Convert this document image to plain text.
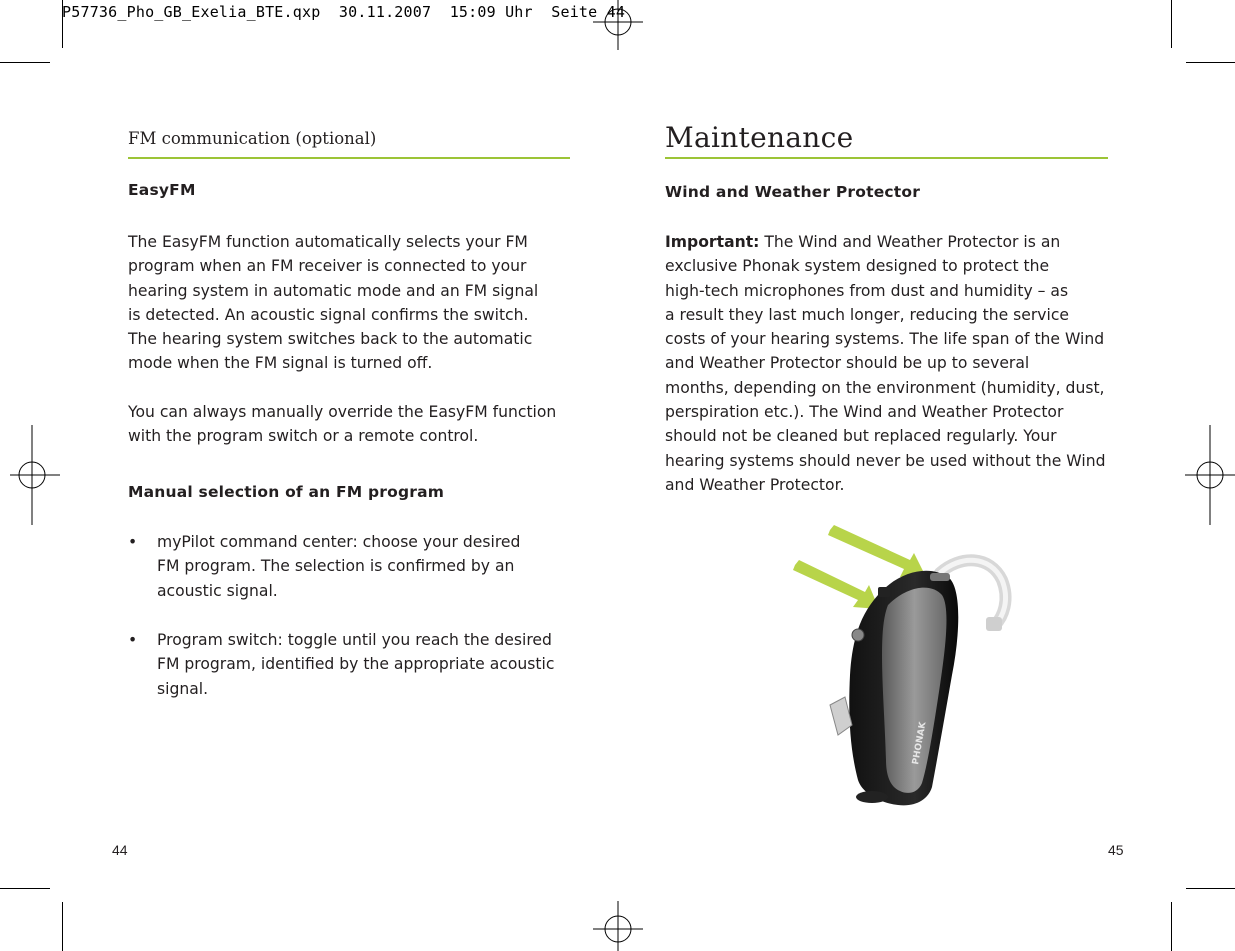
P57736_Pho_GB_Exelia_BTE.qxp  30.11.2007  15:09 Uhr  Seite 44
FM communication (optional)
EasyFM
The EasyFM function automatically selects your FM
program when an FM receiver is connected to your
hearing system in automatic mode and an FM signal
is detected. An acoustic signal confirms the switch.
The hearing system switches back to the automatic
mode when the FM signal is turned off.
You can always manually override the EasyFM function
with the program switch or a remote control.
Manual selection of an FM program
•	myPilot command center: choose your desired
FM program. The selection is confirmed by an
acoustic signal.
•	Program switch: toggle until you reach the desired
FM program, identified by the appropriate acoustic
signal.
44
Maintenance
Wind and Weather Protector
Important: The Wind and Weather Protector is an
exclusive Phonak system designed to protect the
high-tech microphones from dust and humidity – as
a result they last much longer, reducing the service
costs of your hearing systems. The life span of the Wind
and Weather Protector should be up to several
months, depending on the environment (humidity, dust,
perspiration etc.). The Wind and Weather Protector
should not be cleaned but replaced regularly. Your
hearing systems should never be used without the Wind
and Weather Protector.
PHONAK
45
